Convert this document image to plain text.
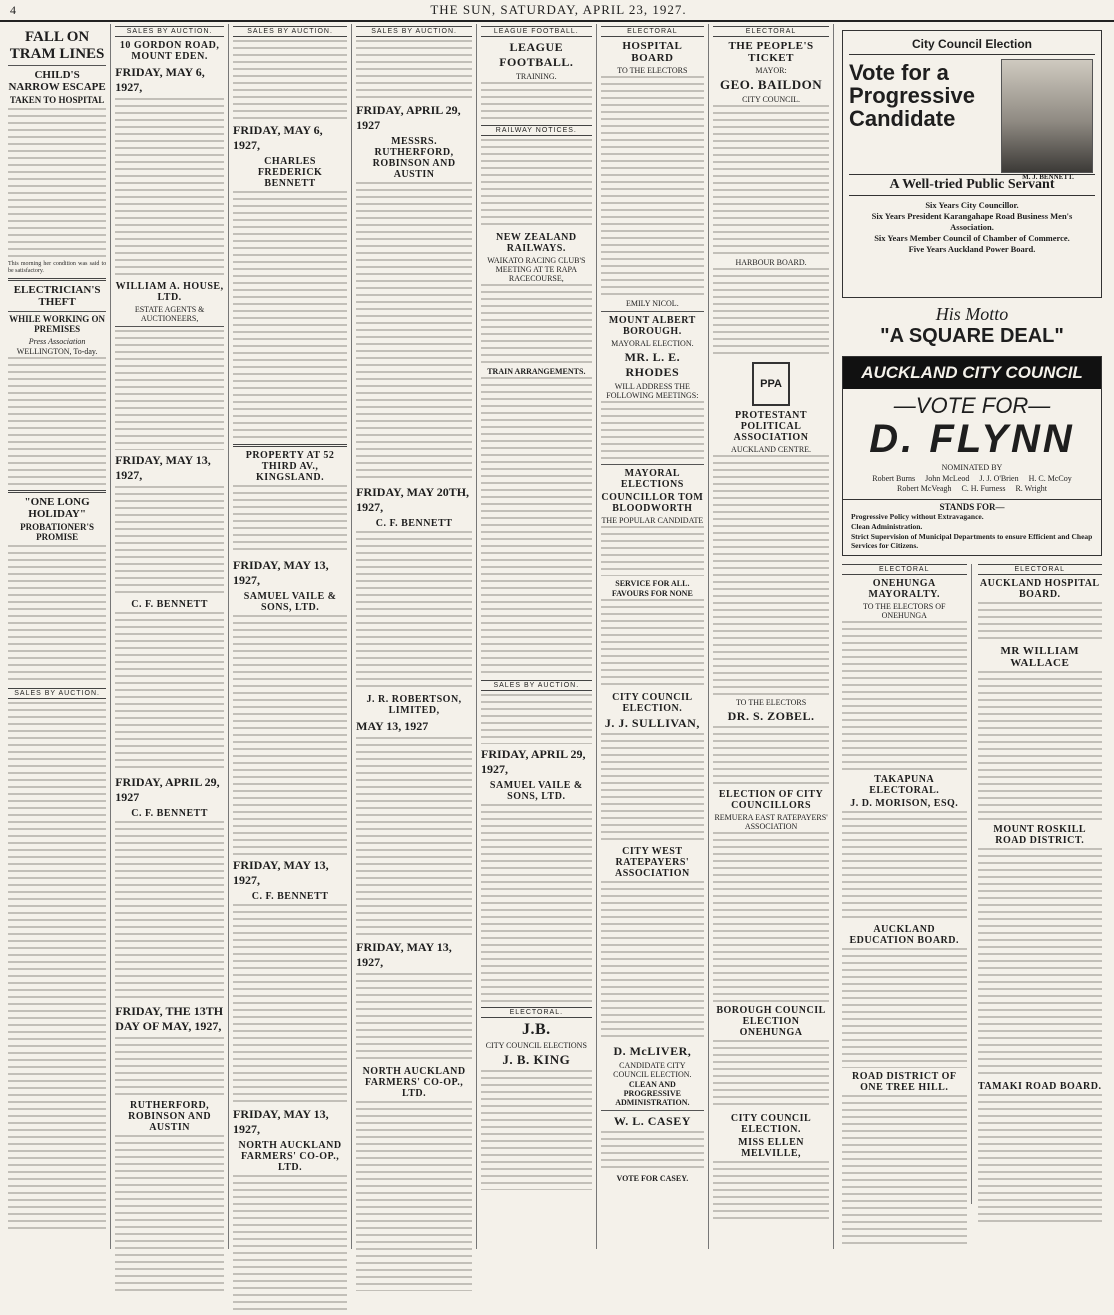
4	THE SUN, SATURDAY, APRIL 23, 1927.

FALL ON TRAM LINES
CHILD'S NARROW ESCAPE
TAKEN TO HOSPITAL
This morning her condition was said to be satisfactory.
ELECTRICIAN'S THEFT
WHILE WORKING ON PREMISES
Press Association
WELLINGTON, To-day.
"ONE LONG HOLIDAY"
PROBATIONER'S PROMISE
SALES BY AUCTION.
SALES BY AUCTION.
10 GORDON ROAD, MOUNT EDEN.
FRIDAY, MAY 6, 1927,
WILLIAM A. HOUSE, LTD.
ESTATE AGENTS & AUCTIONEERS,
FRIDAY, MAY 13, 1927,
C. F. BENNETT
FRIDAY, APRIL 29, 1927
C. F. BENNETT
FRIDAY, THE 13TH DAY OF MAY, 1927,
RUTHERFORD, ROBINSON AND AUSTIN
SALES BY AUCTION.
FRIDAY, MAY 6, 1927,
CHARLES FREDERICK BENNETT
PROPERTY AT 52 THIRD AV., KINGSLAND.
FRIDAY, MAY 13, 1927,
SAMUEL VAILE & SONS, LTD.
FRIDAY, MAY 13, 1927,
C. F. BENNETT
FRIDAY, MAY 13, 1927,
NORTH AUCKLAND FARMERS' CO-OP., LTD.
SALES BY AUCTION.
FRIDAY, APRIL 29, 1927
MESSRS. RUTHERFORD, ROBINSON AND AUSTIN
FRIDAY, MAY 20TH, 1927,
C. F. BENNETT
J. R. ROBERTSON, LIMITED,
MAY 13, 1927
FRIDAY, MAY 13, 1927,
NORTH AUCKLAND FARMERS' CO-OP., LTD.
LEAGUE FOOTBALL.
LEAGUE FOOTBALL.
TRAINING.
RAILWAY NOTICES.
NEW ZEALAND RAILWAYS.
WAIKATO RACING CLUB'S MEETING AT TE RAPA RACECOURSE,
TRAIN ARRANGEMENTS.
SALES BY AUCTION.
FRIDAY, APRIL 29, 1927,
SAMUEL VAILE & SONS, LTD.
ELECTORAL.
J.B.
CITY COUNCIL ELECTIONS
J. B. KING
ELECTORAL
HOSPITAL BOARD
TO THE ELECTORS
EMILY NICOL.
MOUNT ALBERT BOROUGH.
MAYORAL ELECTION.
MR. L. E. RHODES
WILL ADDRESS THE FOLLOWING MEETINGS:
MAYORAL ELECTIONS
COUNCILLOR TOM BLOODWORTH
THE POPULAR CANDIDATE
SERVICE FOR ALL.
FAVOURS FOR NONE
CITY COUNCIL ELECTION.
J. J. SULLIVAN,
CITY WEST RATEPAYERS' ASSOCIATION
D. McLIVER,
CANDIDATE CITY COUNCIL ELECTION.
CLEAN AND PROGRESSIVE ADMINISTRATION.
W. L. CASEY
VOTE FOR CASEY.
ELECTORAL
THE PEOPLE'S TICKET
MAYOR:
GEO. BAILDON
CITY COUNCIL.
HARBOUR BOARD.
PPA
PROTESTANT POLITICAL ASSOCIATION
AUCKLAND CENTRE.
TO THE ELECTORS
DR. S. ZOBEL.
ELECTION OF CITY COUNCILLORS
REMUERA EAST RATEPAYERS' ASSOCIATION
BOROUGH COUNCIL ELECTION ONEHUNGA
CITY COUNCIL ELECTION.
MISS ELLEN MELVILLE,
City Council Election
Vote for a Progressive Candidate
M. J. BENNETT.
A Well-tried Public Servant
Six Years City Councillor.
Six Years President Karangahape Road Business Men's Association.
Six Years Member Council of Chamber of Commerce.
Five Years Auckland Power Board.
His Motto
"A SQUARE DEAL"
AUCKLAND CITY COUNCIL
—VOTE FOR—
D. FLYNN
NOMINATED BY
Robert Burns John McLeod J. J. O'Brien H. C. McCoy
Robert McVeagh C. H. Furness R. Wright
STANDS FOR—
Progressive Policy without Extravagance.
Clean Administration.
Strict Supervision of Municipal Departments to ensure Efficient and Cheap Services for Citizens.
ELECTORAL
ONEHUNGA MAYORALTY.
TO THE ELECTORS OF ONEHUNGA
TAKAPUNA ELECTORAL.
J. D. MORISON, ESQ.
AUCKLAND EDUCATION BOARD.
ROAD DISTRICT OF ONE TREE HILL.
ELECTORAL
AUCKLAND HOSPITAL BOARD.
MR WILLIAM WALLACE
MOUNT ROSKILL ROAD DISTRICT.
TAMAKI ROAD BOARD.
